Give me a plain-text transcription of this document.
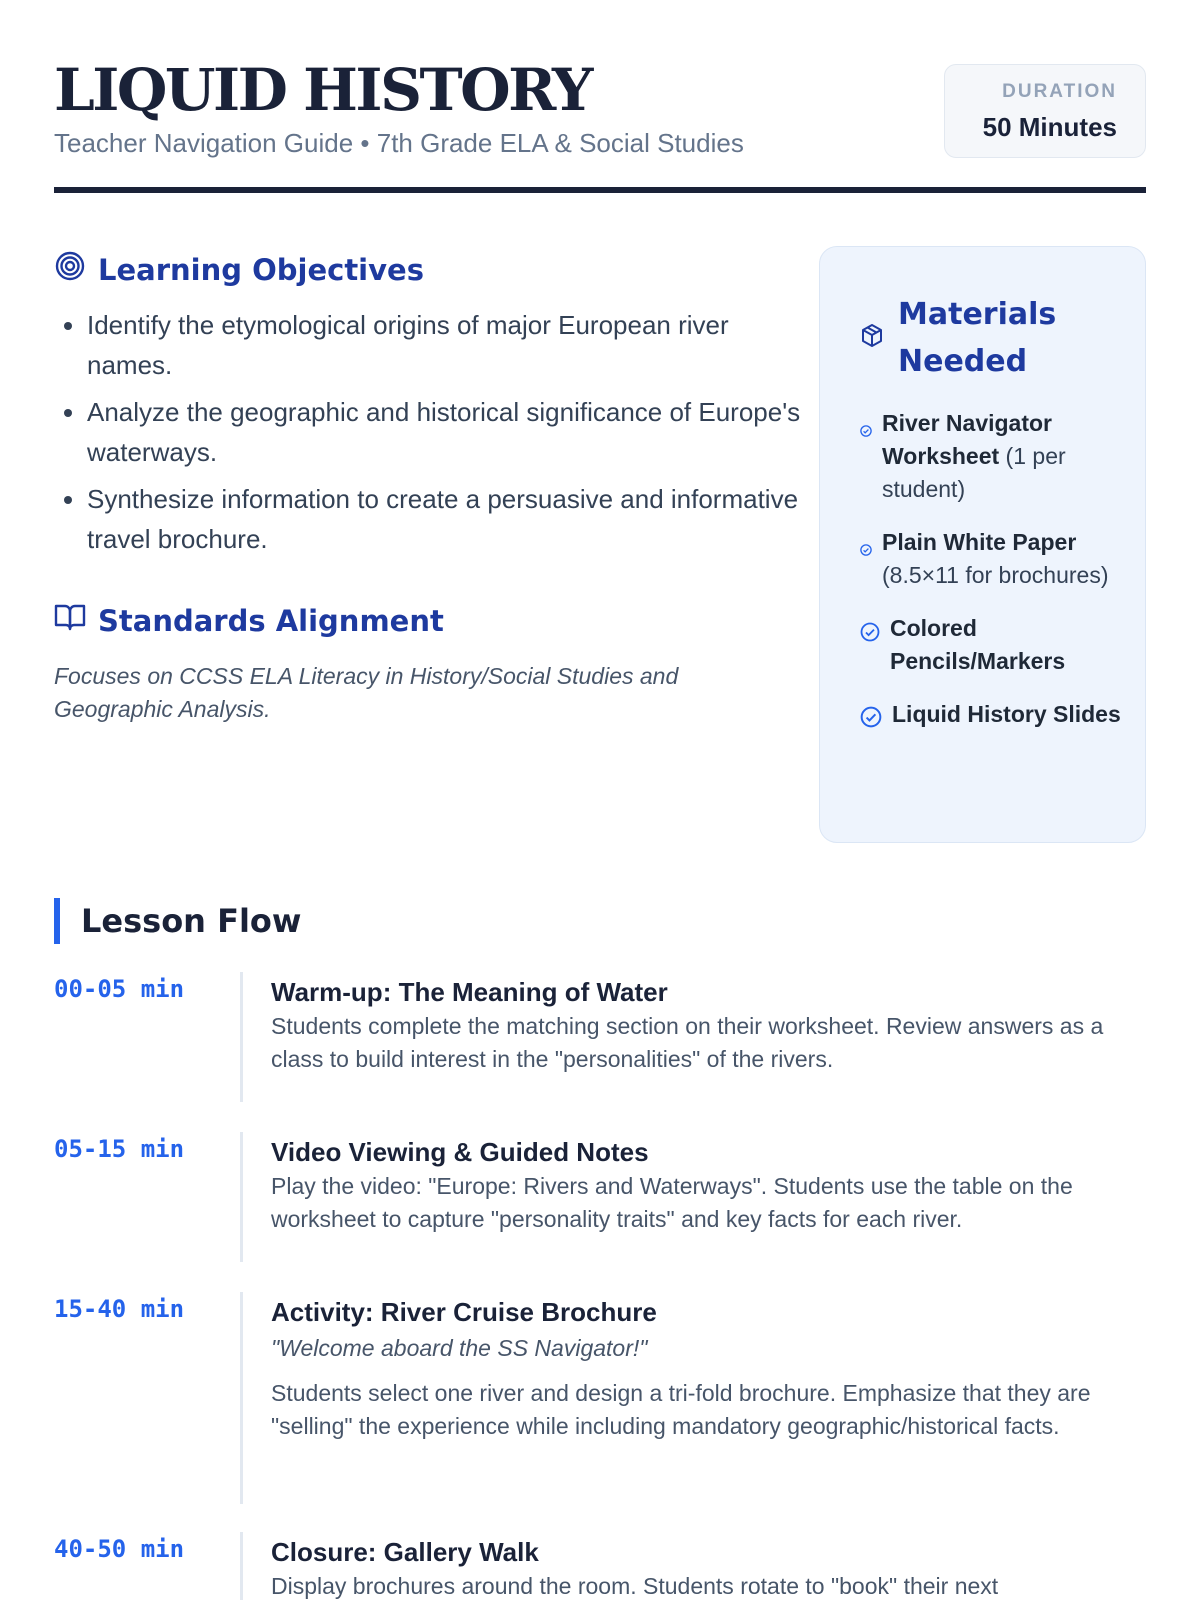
LIQUID HISTORY

Teacher Navigation Guide • 7th Grade ELA & Social Studies

DURATION
50 Minutes
Learning Objectives
• Identify the etymological origins of major European river names.
• Analyze the geographic and historical significance of Europe's waterways.
• Synthesize information to create a persuasive and informative travel brochure.
Standards Alignment

Focuses on CCSS ELA Literacy in History/Social Studies and Geographic Analysis.

Materials Needed
River Navigator Worksheet (1 per student)
Plain White Paper (8.5×11 for brochures)
Colored Pencils/Markers
Liquid History Slides
Lesson Flow
00-05 min	Warm-up: The Meaning of Water

Students complete the matching section on their worksheet. Review answers as a class to build interest in the "personalities" of the rivers.

05-15 min	Video Viewing & Guided Notes

Play the video: "Europe: Rivers and Waterways". Students use the table on the worksheet to capture "personality traits" and key facts for each river.

15-40 min	Activity: River Cruise Brochure

"Welcome aboard the SS Navigator!"

Students select one river and design a tri-fold brochure. Emphasize that they are "selling" the experience while including mandatory geographic/historical facts.

40-50 min	Closure: Gallery Walk

Display brochures around the room. Students rotate to "book" their next
